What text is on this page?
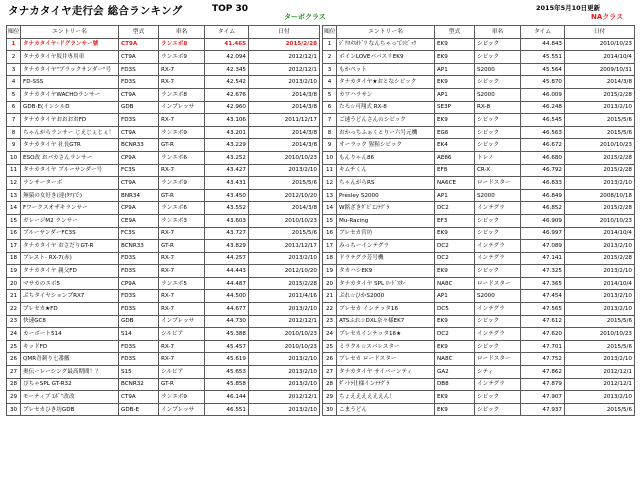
タナカタイヤ走行会 総合ランキング	TOP 30
ターボクラス
2015年5月10日更新
NAクラス
順位	エントリー名	型式	車名	タイム	日付
1	タナカタイヤ･ドグランサー號	CT9A	ランエボ8	41.465	2015/2/28
2	タナカタイヤ坂井専用車	CT9A	ランエボ9	42.094	2012/12/1
3	タナカタイヤ"ブラックサンダー"号	FD3S	RX-7	42.345	2012/12/1
4	FD-SSS	FD3S	RX-7	42.542	2013/2/10
5	タナカタイヤWACHOランサー	CT9A	ランエボ8	42.676	2014/3/8
6	GDB-E(インシルD	GDB	インプレッサ	42.960	2014/3/8
7	タナカタイヤおおおおFD	FD3S	RX-7	43.106	2011/12/17
8	ちゃんがらランサー じえじぇじぇ！	CT9A	ランエボ9	43.201	2014/3/8
9	タナカタイヤ 社長GTR	BCNR33	GT-R	43.229	2014/3/8
10	ESO改 おバカさんランサー	CP9A	ランエボ6	43.252	2010/10/23
11	タナカタイヤ ブルーサンダー号	FC3S	RX-7	43.427	2013/2/10
12	ランサーターボ	CT9A	ランエボ9	43.431	2015/5/6
13	無猿の女好き(達(ﾀﾂ)で)	BNR34	GT-R	43.450	2012/10/20
14	Fワークスオザキランサー	CP9A	ランエボ6	43.552	2014/3/8
15	ガレージM2 ランサー	CE9A	ランエボ3	43.603	2010/10/23
16	ブルーサンダーFC3S	FC3S	RX-7	43.727	2015/5/6
17	タナカタイヤ おさだりGT-R	BCNR33	GT-R	43.829	2011/12/17
18	ブレスト- RX-7(赤)	FD3S	RX-7	44.257	2013/2/10
19	タナカタイヤ 親父FD	FD3S	RX-7	44.443	2012/10/20
20	マサカのエボ5	CP9A	ランエボ5	44.487	2015/2/28
21	ぷちタイヤションプRX7	FD3S	RX-7	44.500	2011/4/16
22	プレセカ★FD	FD3S	RX-7	44.677	2013/2/10
23	快速GC8	GDB	インプレッサ	44.730	2012/12/1
24	カーボート514	S14	シルビア	45.388	2010/10/23
25	キッドFD	FD3S	RX-7	45.457	2010/10/23
26	QMR青刺り七番艦	FD3S	RX-7	45.619	2013/2/10
27	奥伝ーレーシング最高期間！？	S15	シルビア	45.653	2013/2/10
28	ぴちゃSPL GT-R32	BCNR32	GT-R	45.858	2013/2/10
29	モーティブ ｴﾎﾞ“改改	CT9A	ランエボ9	46.144	2012/12/1
30	プレセカひき坊GDB	GDB-E	インプレッサ	46.551	2013/2/10
順位	エントリー名	型式	車名	タイム	日付
1	ｼﾞｱﾛﾒｽｵﾄﾞﾘ なんちゃってｼﾋﾞｯｸ	EK9	シビック	44.843	2010/10/23
2	ボインLOVEパパスリEK9	EK9	シビック	45.551	2014/10/4
3	もかペット	AP1	S2000	45.564	2009/10/31
4	タナカタイヤ★おとなシビック	EK9	シビック	45.870	2014/3/8
5	カワハラサン	AP1	S2000	46.009	2015/2/28
6	たろ☆可翔式 RX-8	SE3P	RX-8	46.248	2013/2/10
7	ご速うどんさんのシビック	EK9	シビック	46.545	2015/5/6
8	おかっちふぁくとりー六号元機	EG6	シビック	46.563	2015/5/6
9	オーラック 猩猩シビック	EK4	シビック	46.672	2010/10/23
10	もんりゃん86	AE86	トレノ	46.680	2015/2/28
11	キムチくん	EF8	CR-X	46.792	2015/2/28
12	ちゃんがらRS	NA6CE	ロードスター	46.833	2013/2/10
13	Presley S2000	AP1	S2000	46.849	2008/10/18
14	W銘ざきﾀﾞﾋﾞｴﾝﾃｸﾞﾗ	DC2	インテグラ	46.852	2015/2/28
15	Mu-Racing	EF3	シビック	46.909	2010/10/23
16	ブレセカ宮坊	EK9	シビック	46.997	2014/10/4
17	みっちーインテグラ	DC2	インテグラ	47.089	2013/2/10
18	ドラテグラ芳号機	DC2	インテグラ	47.141	2015/2/28
19	タカハシEK9	EK9	シビック	47.325	2013/2/10
20	タナカタイヤ SPL ﾛｰﾄﾞｽﾀｰ	NA8C	ロードスター	47.365	2014/10/4
21	ぷれ☆ひかS2000	AP1	S2000	47.454	2013/2/10
22	ブレセカ インテッタ16	DC5	インテグラ	47.565	2013/2/10
23	ATSふれ☆DXL奈々様EK7	EK9	シビック	47.612	2015/5/6
24	ブレセカインテッタ16★	DC2	インテグラ	47.620	2010/10/23
25	ミラクル☆スパレスター	EK9	シビック	47.701	2015/5/6
26	ブレセカ ロードスター	NA8C	ロードスター	47.752	2013/2/10
27	タナカタイヤ サイバーンティ	GA2	シティ	47.862	2012/12/1
28	ﾀﾞｰﾄﾗ仕様インﾃﾃｸﾞﾗ	DB8	インテグラ	47.879	2012/12/1
29	ちょええええええん！	EK9	シビック	47.907	2013/2/10
30	こまうどん	EK9	シビック	47.937	2015/5/6
